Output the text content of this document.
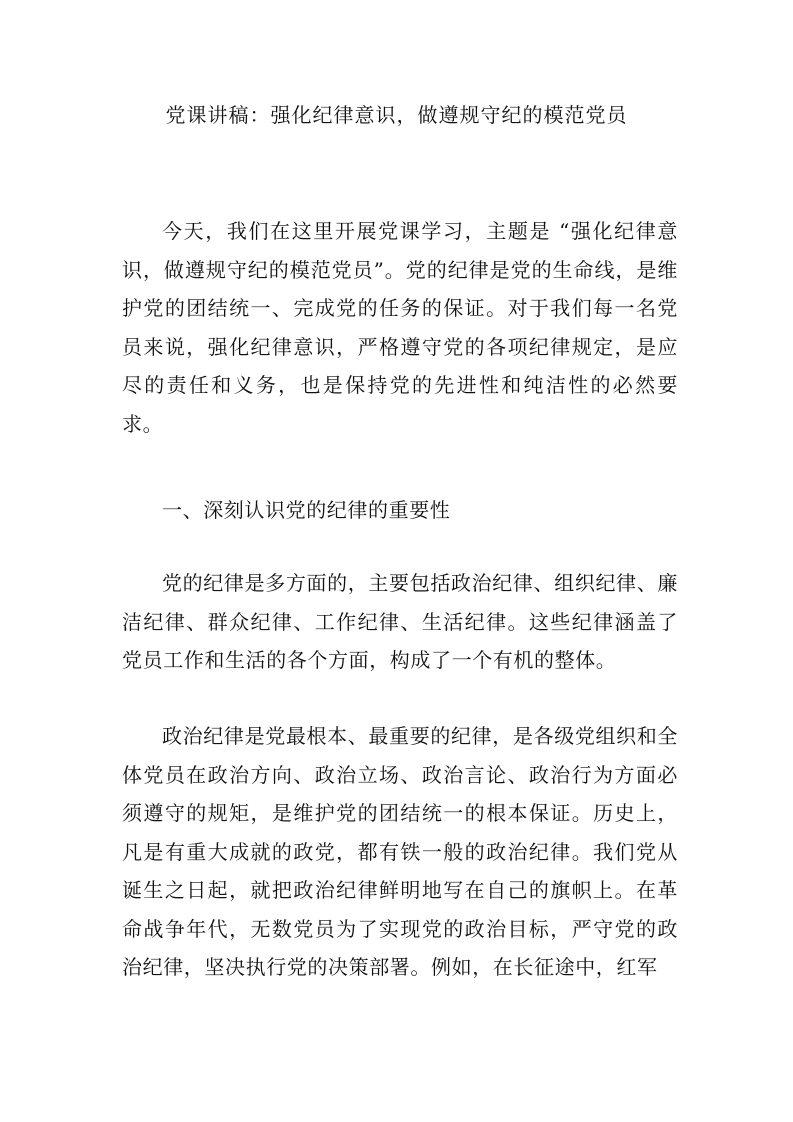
党课讲稿：强化纪律意识，做遵规守纪的模范党员

今天，我们在这里开展党课学习，主题是 “强化纪律意识，做遵规守纪的模范党员”。党的纪律是党的生命线，是维护党的团结统一、完成党的任务的保证。对于我们每一名党员来说，强化纪律意识，严格遵守党的各项纪律规定，是应尽的责任和义务，也是保持党的先进性和纯洁性的必然要求。

一、深刻认识党的纪律的重要性

党的纪律是多方面的，主要包括政治纪律、组织纪律、廉洁纪律、群众纪律、工作纪律、生活纪律。这些纪律涵盖了党员工作和生活的各个方面，构成了一个有机的整体。

政治纪律是党最根本、最重要的纪律，是各级党组织和全体党员在政治方向、政治立场、政治言论、政治行为方面必须遵守的规矩，是维护党的团结统一的根本保证。历史上，凡是有重大成就的政党，都有铁一般的政治纪律。我们党从诞生之日起，就把政治纪律鲜明地写在自己的旗帜上。在革命战争年代，无数党员为了实现党的政治目标，严守党的政治纪律，坚决执行党的决策部署。例如，在长征途中，红军
